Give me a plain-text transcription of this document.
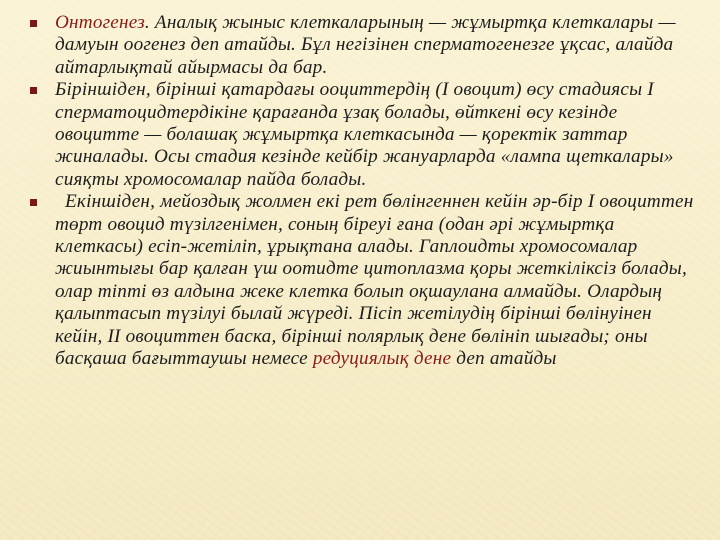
Онтогенез. Аналық жыныс клеткаларының — жұмыртқа клеткалары — дамуын оогенез деп атайды. Бұл негізінен сперматогенезге ұқсас, алайда айтарлықтай айырмасы да бар.
Біріншіден, бірінші қатардағы ооциттердің (І овоцит) өсу стадиясы І сперматоцидтердікіне қарағанда ұзақ болады, өйткені өсу кезінде овоцитте — болашақ жұмыртқа клеткасында — қоректік заттар жиналады. Осы стадия кезінде кейбір жануарларда «лампа щеткалары» сияқты хромосомалар пайда болады.
Екіншіден, мейоздық жолмен екі рет бөлінгеннен кейін әр-бір І овоциттен төрт овоцид түзілгенімен, соның біреуі ғана (одан әрі жұмыртқа клеткасы) есіп-жетіліп, ұрықтана алады. Гаплоидты хромосомалар жиынтығы бар қалған үш оотидте цитоплазма қоры жеткіліксіз болады, олар тіпті өз алдына жеке клетка болып оқшаулана алмайды. Олардың қалыптасып түзілуі былай жүреді. Пісіп жетілудің бірінші бөлінуінен кейін, ІІ овоциттен баска, бірінші полярлық дене бөлініп шығады; оны басқаша бағыттаушы немесе редуциялық дене деп атайды
